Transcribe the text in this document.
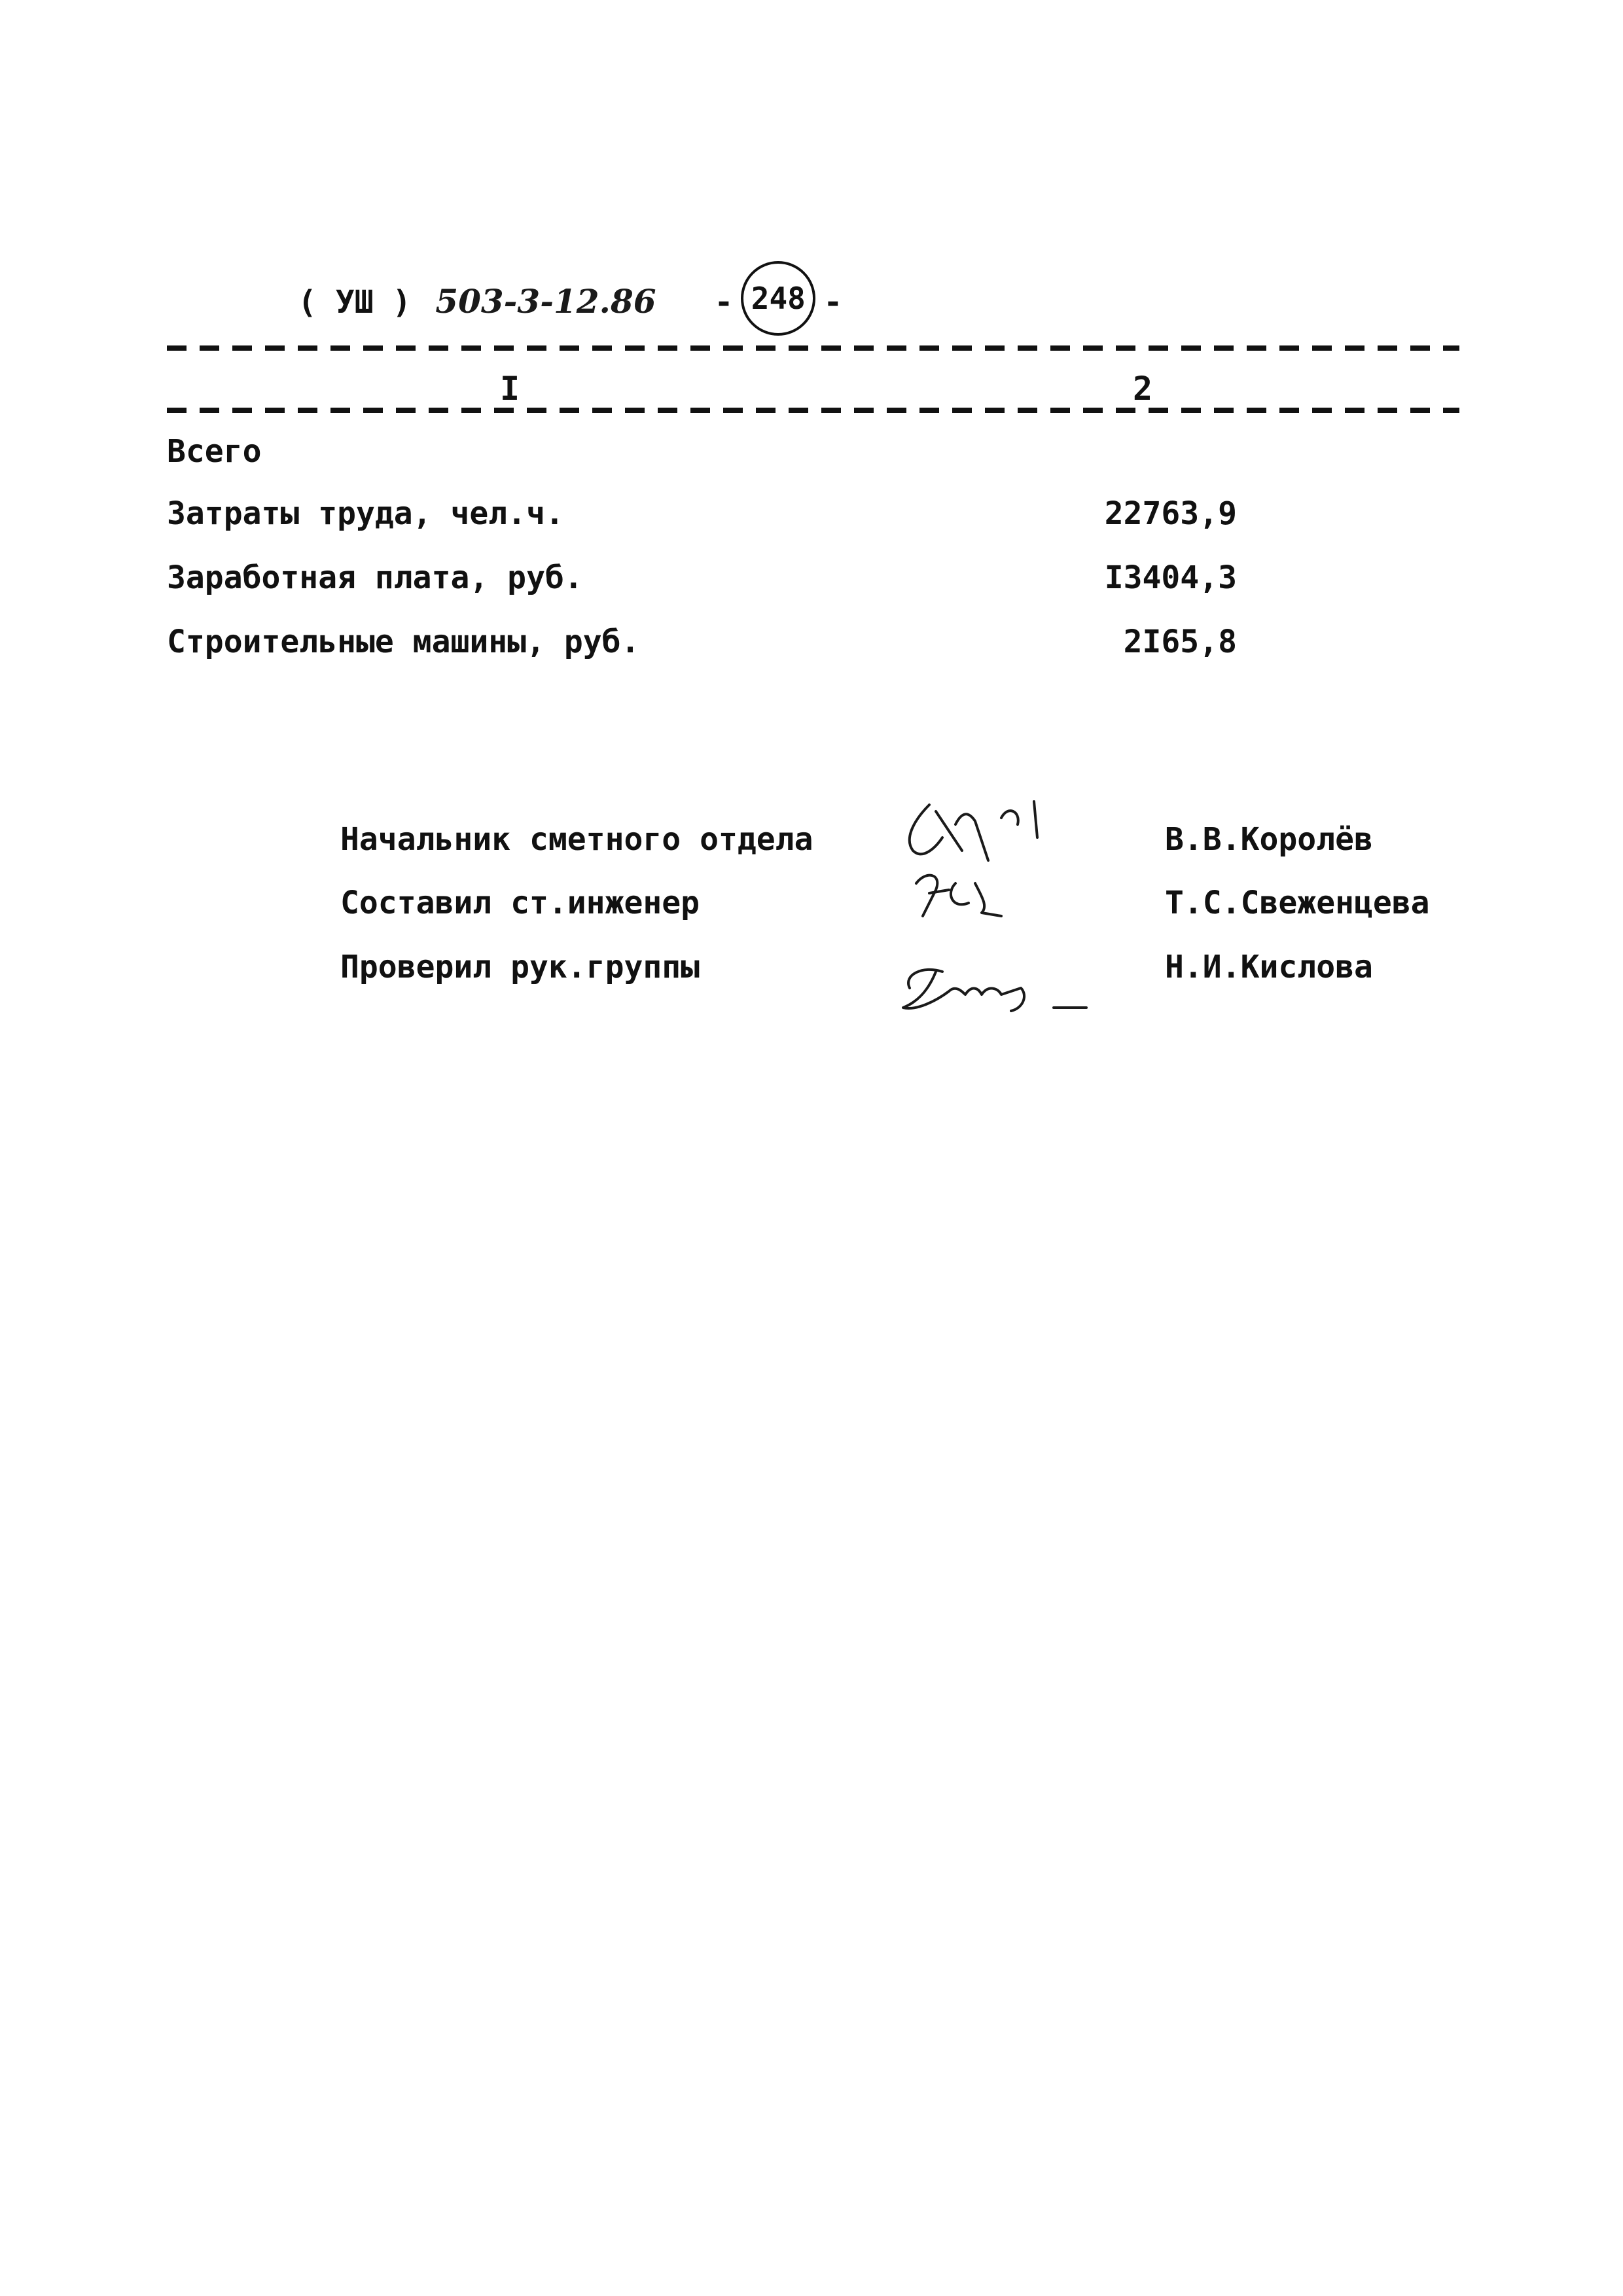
( УШ ) 503-3-12.86 - 248 -
I	2
Всего
Затраты труда, чел.ч.	22763,9
Заработная плата, руб.	I3404,3
Строительные машины, руб.	2I65,8
Начальник сметного отдела	В.В.Королёв
Составил ст.инженер	Т.С.Свеженцева
Проверил рук.группы	Н.И.Кислова
